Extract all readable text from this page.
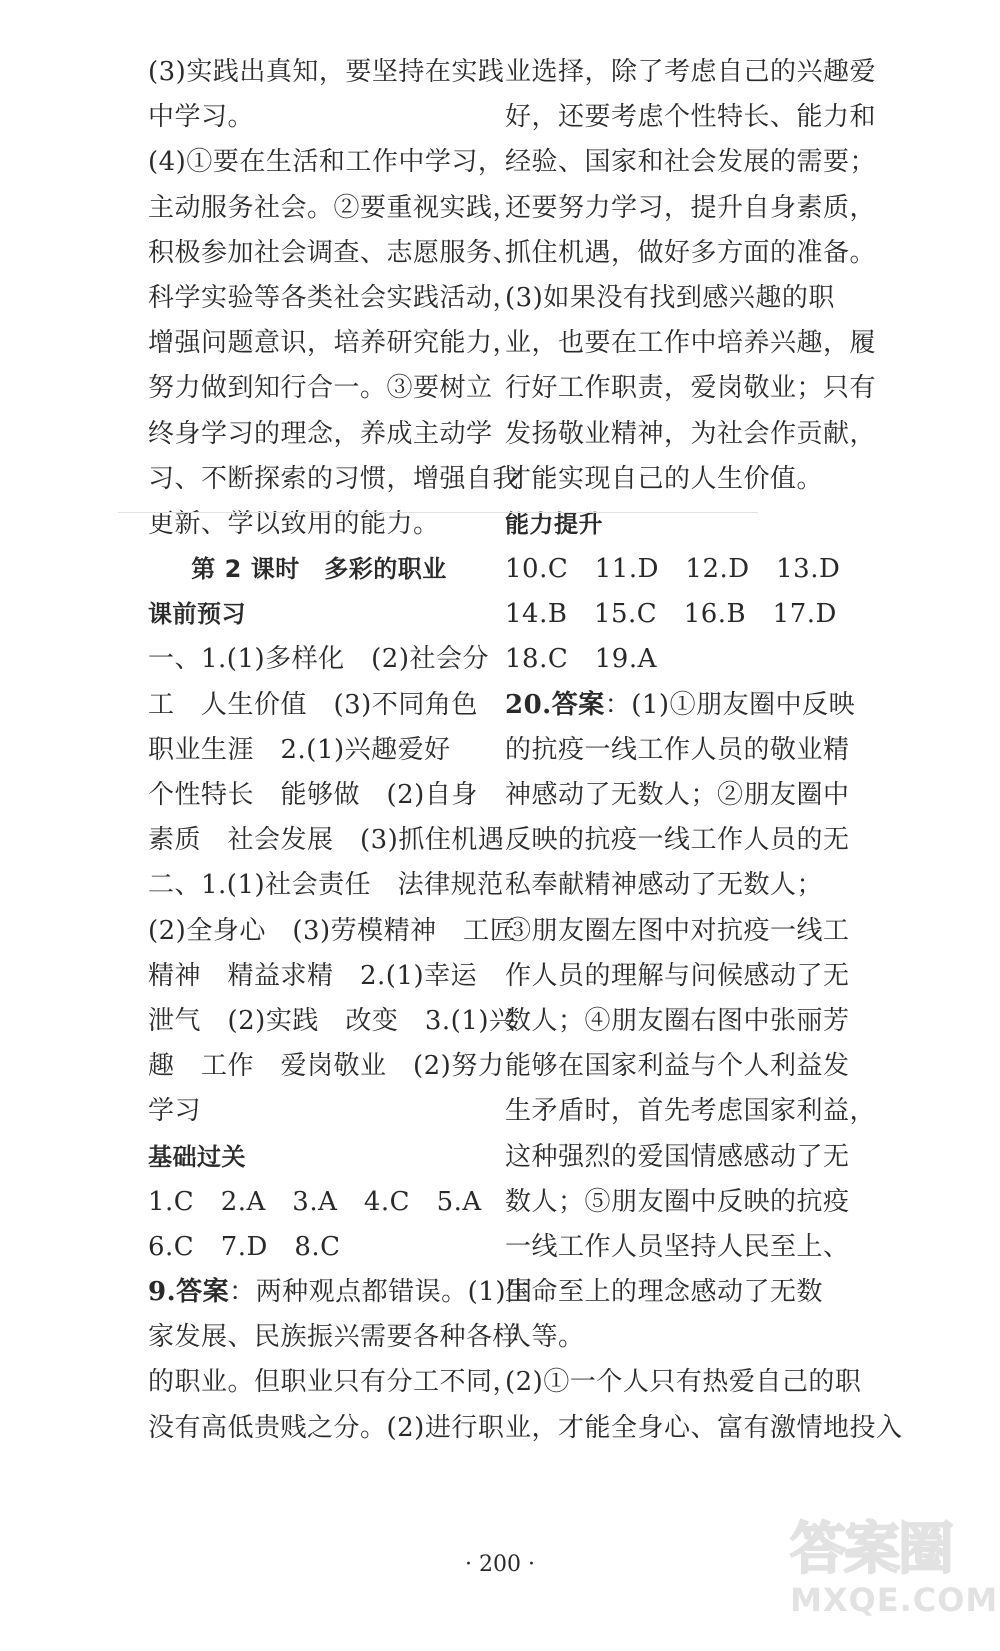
(3)实践出真知，要坚持在实践
中学习。
(4)①要在生活和工作中学习，
主动服务社会。②要重视实践，
积极参加社会调查、志愿服务、
科学实验等各类社会实践活动，
增强问题意识，培养研究能力，
努力做到知行合一。③要树立
终身学习的理念，养成主动学
习、不断探索的习惯，增强自我
更新、学以致用的能力。
第 2 课时　多彩的职业
课前预习
一、1.(1)多样化　(2)社会分
工　人生价值　(3)不同角色
职业生涯　2.(1)兴趣爱好
个性特长　能够做　(2)自身
素质　社会发展　(3)抓住机遇
二、1.(1)社会责任　法律规范
(2)全身心　(3)劳模精神　工匠
精神　精益求精　2.(1)幸运
泄气　(2)实践　改变　3.(1)兴
趣　工作　爱岗敬业　(2)努力
学习
基础过关
1.C　2.A　3.A　4.C　5.A
6.C　7.D　8.C
9.答案：两种观点都错误。(1)国
家发展、民族振兴需要各种各样
的职业。但职业只有分工不同，
没有高低贵贱之分。(2)进行职
业选择，除了考虑自己的兴趣爱
好，还要考虑个性特长、能力和
经验、国家和社会发展的需要；
还要努力学习，提升自身素质，
抓住机遇，做好多方面的准备。
(3)如果没有找到感兴趣的职
业，也要在工作中培养兴趣，履
行好工作职责，爱岗敬业；只有
发扬敬业精神，为社会作贡献，
才能实现自己的人生价值。
能力提升
10.C　11.D　12.D　13.D
14.B　15.C　16.B　17.D
18.C　19.A
20.答案：(1)①朋友圈中反映
的抗疫一线工作人员的敬业精
神感动了无数人；②朋友圈中
反映的抗疫一线工作人员的无
私奉献精神感动了无数人；
③朋友圈左图中对抗疫一线工
作人员的理解与问候感动了无
数人；④朋友圈右图中张丽芳
能够在国家利益与个人利益发
生矛盾时，首先考虑国家利益，
这种强烈的爱国情感感动了无
数人；⑤朋友圈中反映的抗疫
一线工作人员坚持人民至上、
生命至上的理念感动了无数
人等。
(2)①一个人只有热爱自己的职
业，才能全身心、富有激情地投入
· 200 ·	答案圈
MXQE.COM
